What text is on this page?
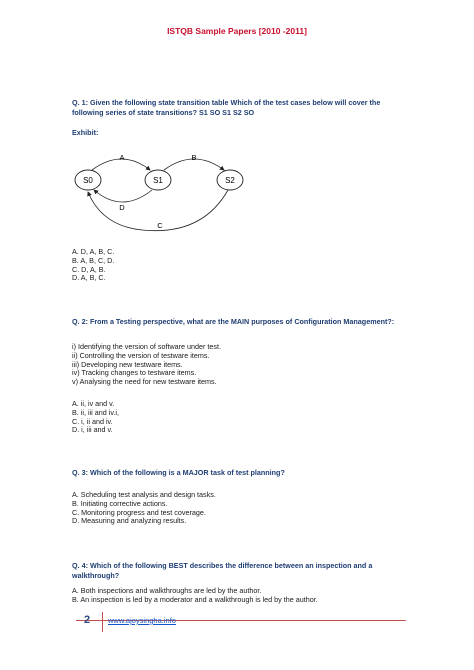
ISTQB Sample Papers [2010 -2011]
Q. 1: Given the following state transition table Which of the test cases below will cover the following series of state transitions? S1 SO S1 S2 SO
Exhibit:
S0	S1	S2
A	B
D
C
A. D, A, B, C.
B. A, B, C, D.
C. D, A, B.
D. A, B, C.
Q. 2: From a Testing perspective, what are the MAIN purposes of Configuration Management?:
i) Identifying the version of software under test.
ii) Controlling the version of testware items.
iii) Developing new testware items.
iv) Tracking changes to testware items.
v) Analysing the need for new testware items.
A. ii, iv and v.
B. ii, iii and iv.i,
C. i, ii and iv.
D. i, iii and v.
Q. 3: Which of the following is a MAJOR task of test planning?
A. Scheduling test analysis and design tasks.
B. Initiating corrective actions.
C. Monitoring progress and test coverage.
D. Measuring and analyzing results.
Q. 4: Which of the following BEST describes the difference between an inspection and a walkthrough?
A. Both inspections and walkthroughs are led by the author.
B. An inspection is led by a moderator and a walkthrough is led by the author.
2 www.ajoysingha.info
